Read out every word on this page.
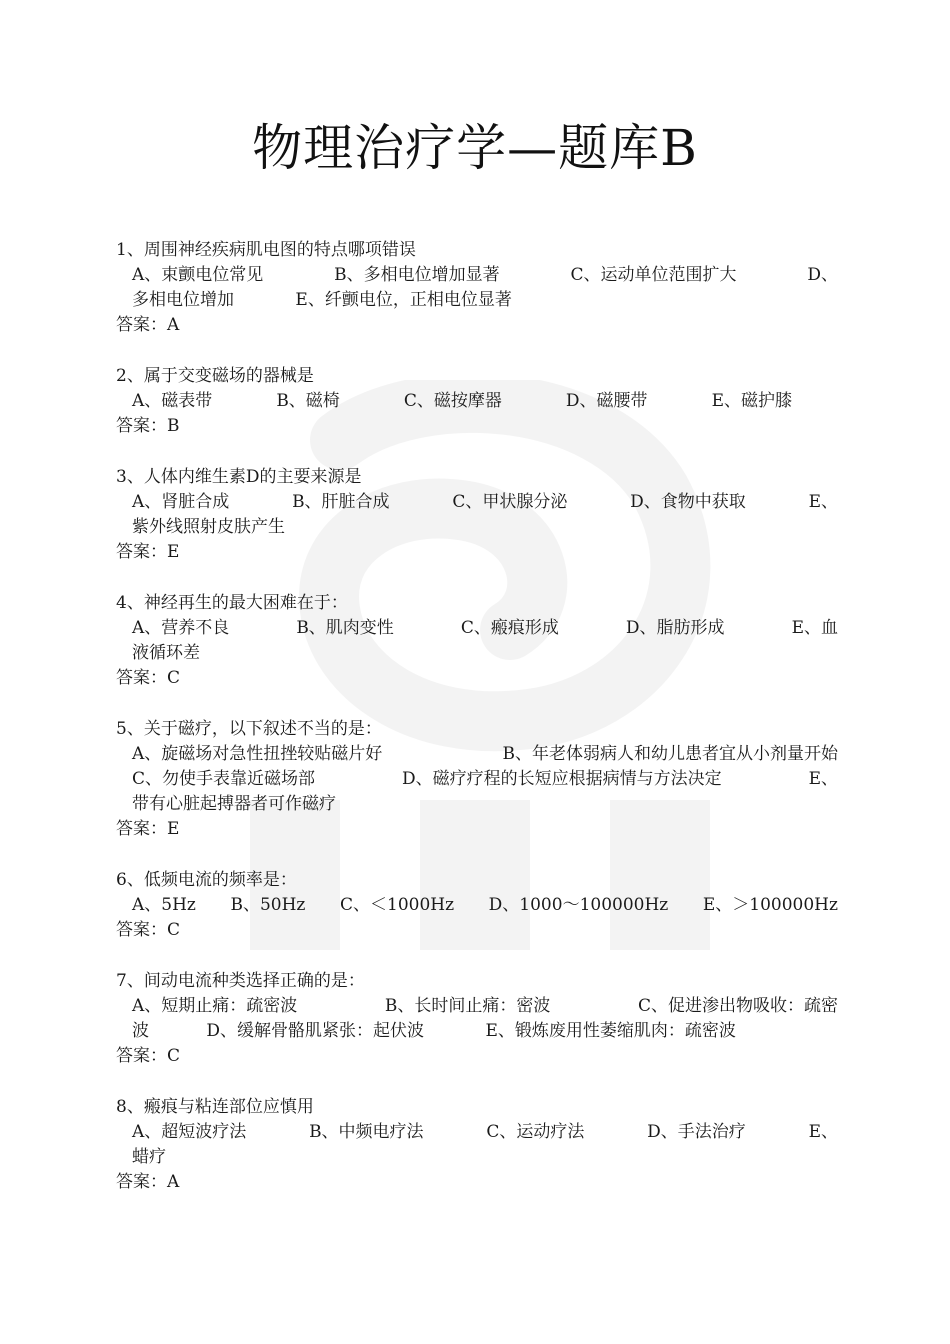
物理治疗学—题库B
1、周围神经疾病肌电图的特点哪项错误
A、束颤电位常见	B、多相电位增加显著	C、运动单位范围扩大	D、
多相电位增加	E、纤颤电位，正相电位显著
答案：A
2、属于交变磁场的器械是
A、磁表带	B、磁椅	C、磁按摩器	D、磁腰带	E、磁护膝
答案：B
3、人体内维生素D的主要来源是
A、肾脏合成	B、肝脏合成	C、甲状腺分泌	D、食物中获取	E、
紫外线照射皮肤产生
答案：E
4、神经再生的最大困难在于：
A、营养不良	B、肌肉变性	C、瘢痕形成	D、脂肪形成	E、血
液循环差
答案：C
5、关于磁疗，以下叙述不当的是：
A、旋磁场对急性扭挫较贴磁片好	B、年老体弱病人和幼儿患者宜从小剂量开始
C、勿使手表靠近磁场部	D、磁疗疗程的长短应根据病情与方法决定	E、
带有心脏起搏器者可作磁疗
答案：E
6、低频电流的频率是：
A、5Hz B、50Hz C、＜1000Hz D、1000～100000Hz E、＞100000Hz
答案：C
7、间动电流种类选择正确的是：
A、短期止痛：疏密波	B、长时间止痛：密波	C、促进渗出物吸收：疏密
波	D、缓解骨骼肌紧张：起伏波	E、锻炼废用性萎缩肌肉：疏密波
答案：C
8、瘢痕与粘连部位应慎用
A、超短波疗法	B、中频电疗法	C、运动疗法	D、手法治疗	E、
蜡疗
答案：A
